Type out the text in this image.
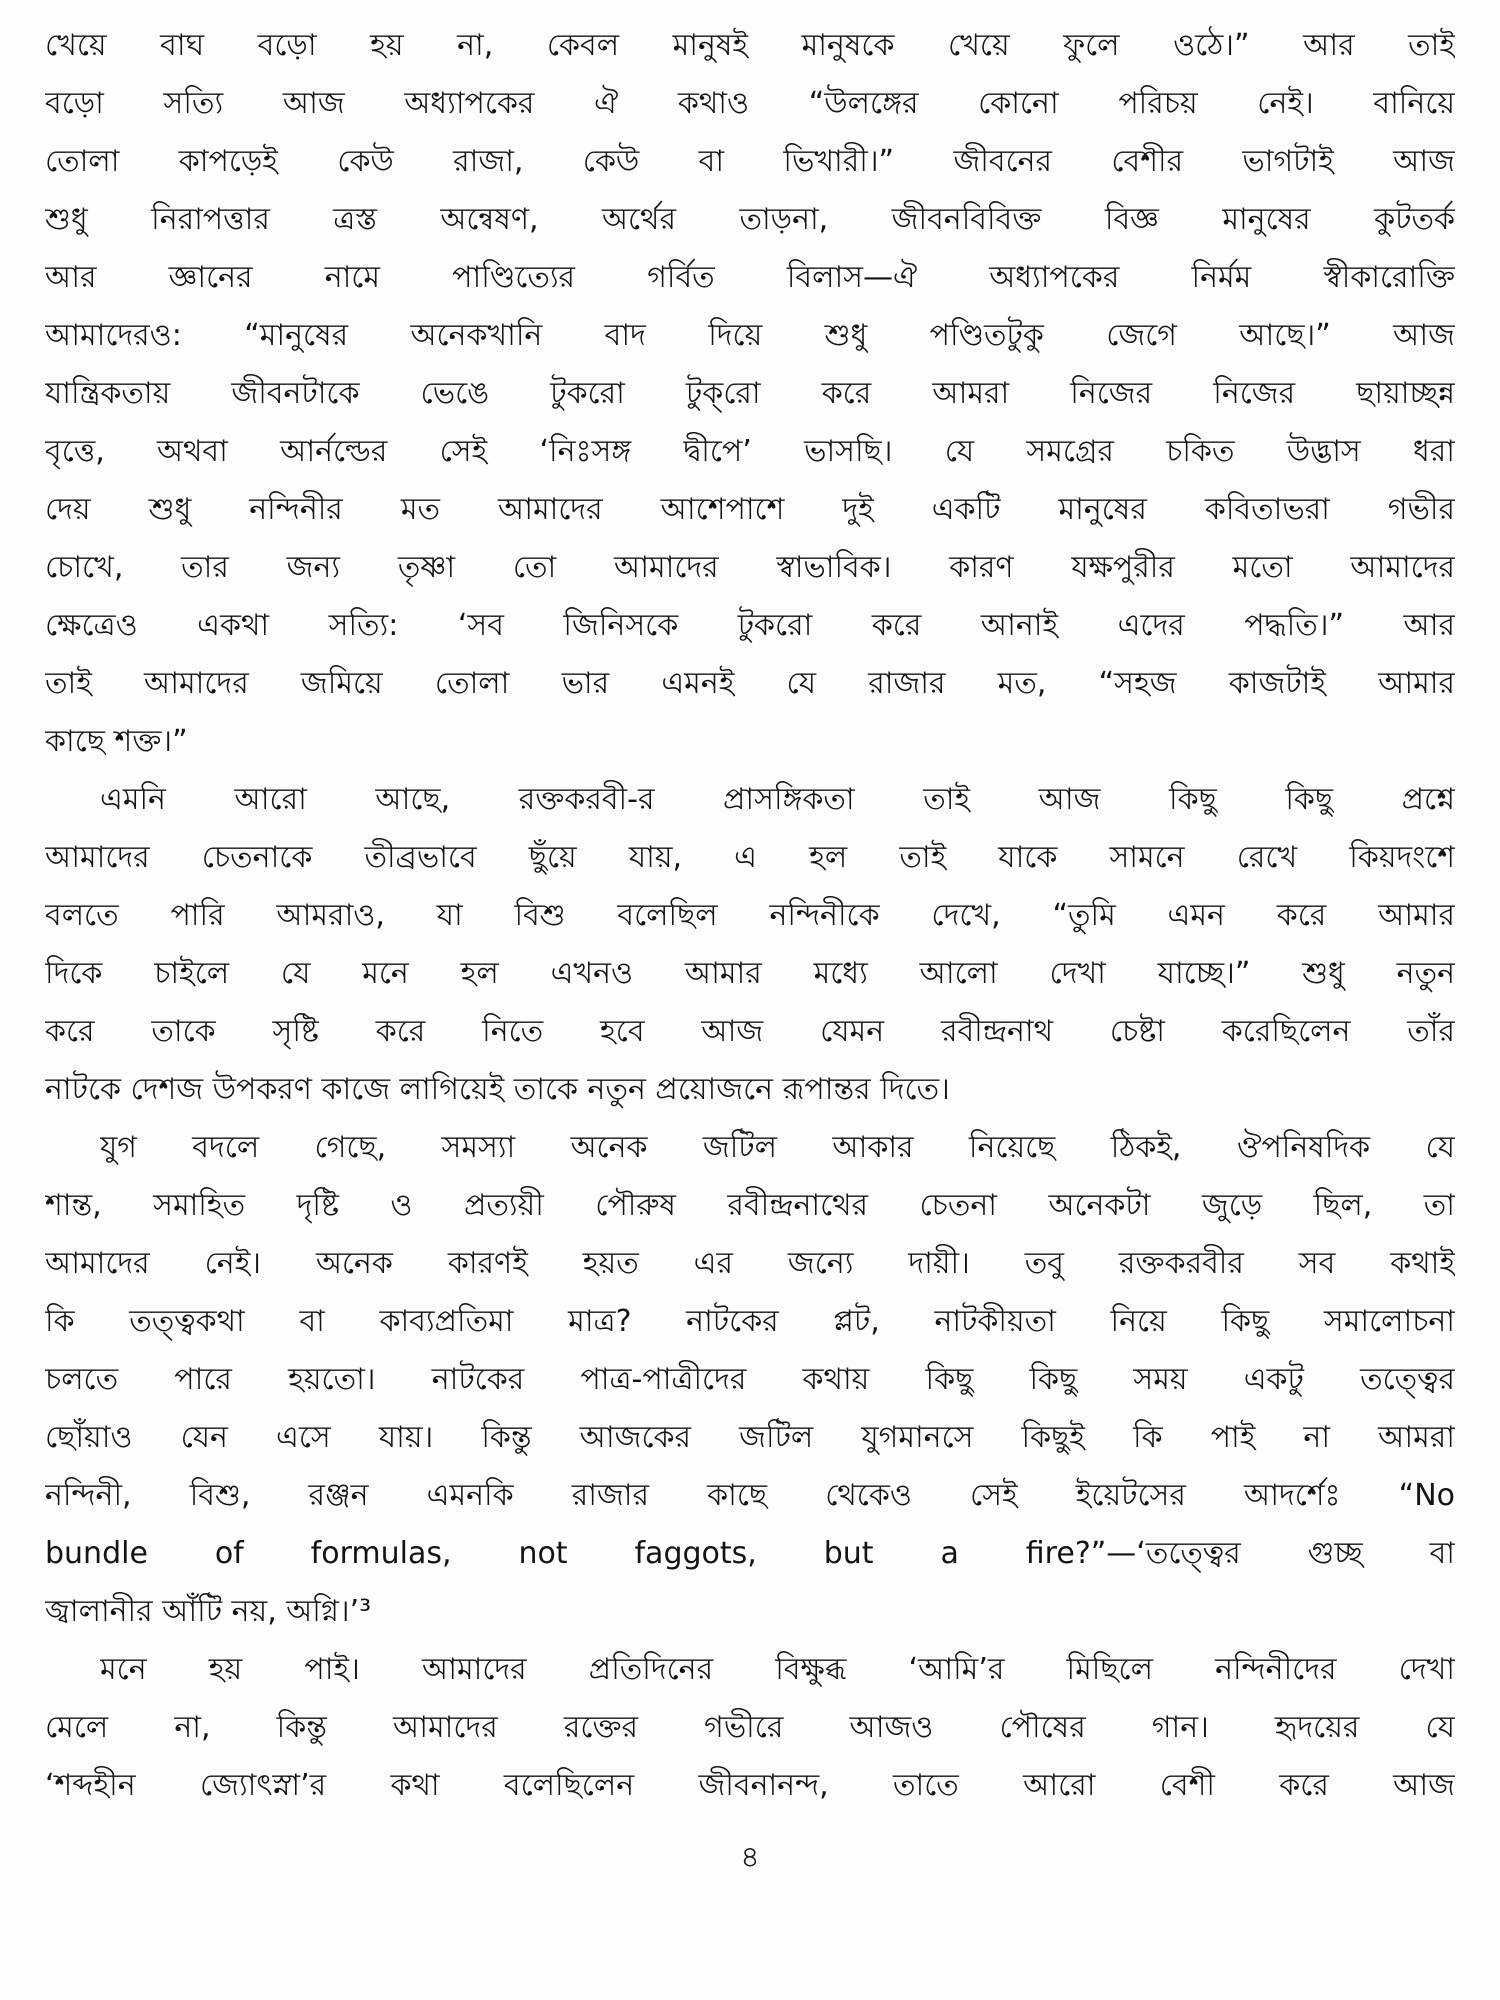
খেয়ে বাঘ বড়ো হয় না, কেবল মানুষই মানুষকে খেয়ে ফুলে ওঠে।” আর তাই
বড়ো সত্যি আজ অধ্যাপকের ঐ কথাও “উলঙ্গের কোনো পরিচয় নেই। বানিয়ে
তোলা কাপড়েই কেউ রাজা, কেউ বা ভিখারী।” জীবনের বেশীর ভাগটাই আজ
শুধু নিরাপত্তার ত্রস্ত অন্বেষণ, অর্থের তাড়না, জীবনবিবিক্ত বিজ্ঞ মানুষের কুটতর্ক
আর জ্ঞানের নামে পাণ্ডিত্যের গর্বিত বিলাস—ঐ অধ্যাপকের নির্মম স্বীকারোক্তি
আমাদেরও: “মানুষের অনেকখানি বাদ দিয়ে শুধু পণ্ডিতটুকু জেগে আছে।” আজ
যান্ত্রিকতায় জীবনটাকে ভেঙে টুকরো টুক্‌রো করে আমরা নিজের নিজের ছায়াচ্ছন্ন
বৃত্তে, অথবা আর্নল্ডের সেই ‘নিঃসঙ্গ দ্বীপে’ ভাসছি। যে সমগ্রের চকিত উদ্ভাস ধরা
দেয় শুধু নন্দিনীর মত আমাদের আশেপাশে দুই একটি মানুষের কবিতাভরা গভীর
চোখে, তার জন্য তৃষ্ণা তো আমাদের স্বাভাবিক। কারণ যক্ষপুরীর মতো আমাদের
ক্ষেত্রেও একথা সত্যি: ‘সব জিনিসকে টুকরো করে আনাই এদের পদ্ধতি।” আর
তাই আমাদের জমিয়ে তোলা ভার এমনই যে রাজার মত, “সহজ কাজটাই আমার
কাছে শক্ত।”
এমনি আরো আছে, রক্তকরবী-র প্রাসঙ্গিকতা তাই আজ কিছু কিছু প্রশ্নে
আমাদের চেতনাকে তীব্রভাবে ছুঁয়ে যায়, এ হল তাই যাকে সামনে রেখে কিয়দংশে
বলতে পারি আমরাও, যা বিশু বলেছিল নন্দিনীকে দেখে, “তুমি এমন করে আমার
দিকে চাইলে যে মনে হল এখনও আমার মধ্যে আলো দেখা যাচ্ছে।” শুধু নতুন
করে তাকে সৃষ্টি করে নিতে হবে আজ যেমন রবীন্দ্রনাথ চেষ্টা করেছিলেন তাঁর
নাটকে দেশজ উপকরণ কাজে লাগিয়েই তাকে নতুন প্রয়োজনে রূপান্তর দিতে।
যুগ বদলে গেছে, সমস্যা অনেক জটিল আকার নিয়েছে ঠিকই, ঔপনিষদিক যে
শান্ত, সমাহিত দৃষ্টি ও প্রত্যয়ী পৌরুষ রবীন্দ্রনাথের চেতনা অনেকটা জুড়ে ছিল, তা
আমাদের নেই। অনেক কারণই হয়ত এর জন্যে দায়ী। তবু রক্তকরবীর সব কথাই
কি তত্ত্বকথা বা কাব্যপ্রতিমা মাত্র? নাটকের প্লট, নাটকীয়তা নিয়ে কিছু সমালোচনা
চলতে পারে হয়তো। নাটকের পাত্র-পাত্রীদের কথায় কিছু কিছু সময় একটু তত্ত্বের
ছোঁয়াও যেন এসে যায়। কিন্তু আজকের জটিল যুগমানসে কিছুই কি পাই না আমরা
নন্দিনী, বিশু, রঞ্জন এমনকি রাজার কাছে থেকেও সেই ইয়েটসের আদর্শেঃ “No
bundle of formulas, not faggots, but a fire?”—‘তত্ত্বের গুচ্ছ বা
জ্বালানীর আঁটি নয়, অগ্নি।’³
মনে হয় পাই। আমাদের প্রতিদিনের বিক্ষুব্ধ ‘আমি’র মিছিলে নন্দিনীদের দেখা
মেলে না, কিন্তু আমাদের রক্তের গভীরে আজও পৌষের গান। হৃদয়ের যে
‘শব্দহীন জ্যোৎস্না’র কথা বলেছিলেন জীবনানন্দ, তাতে আরো বেশী করে আজ
৪
